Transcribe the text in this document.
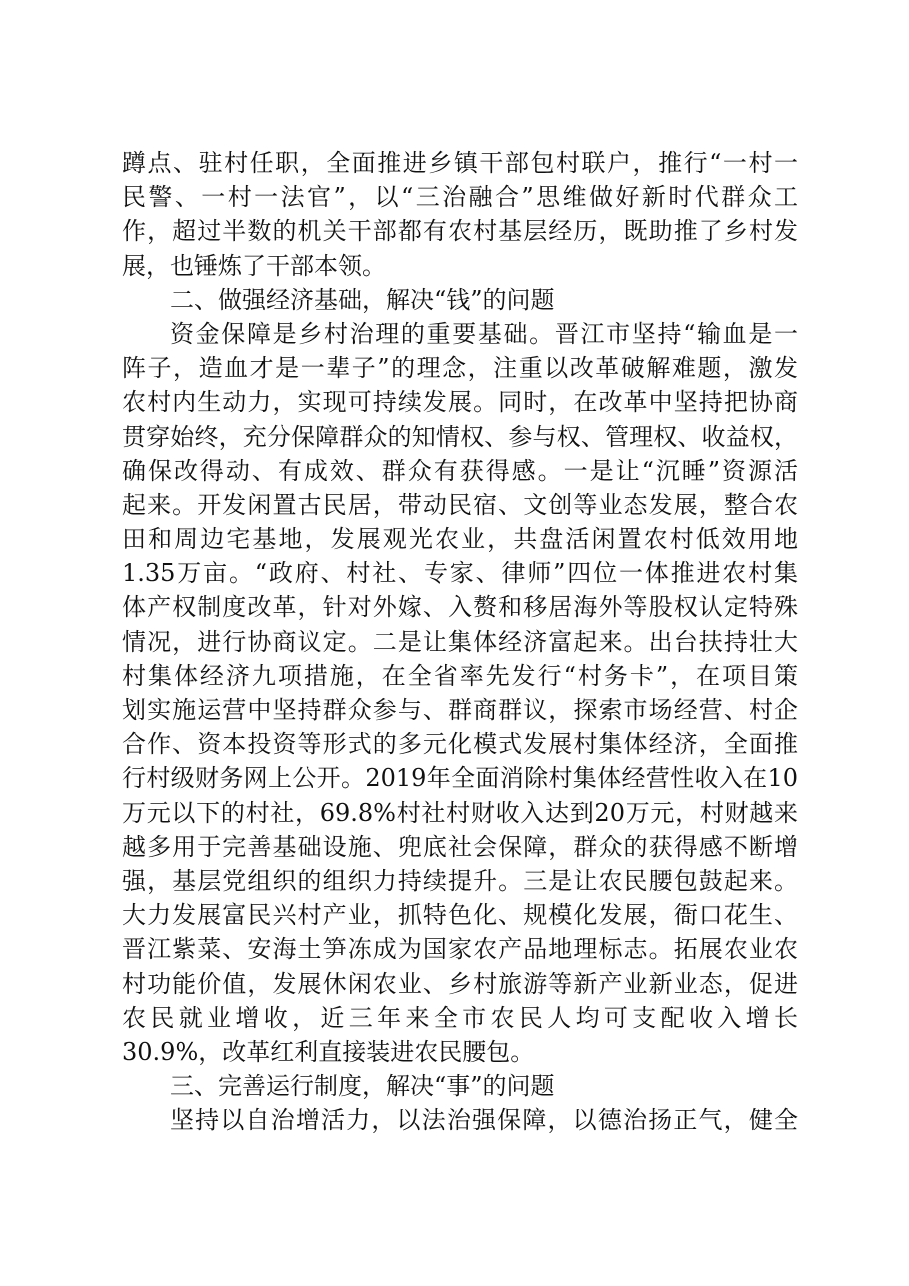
蹲点、驻村任职，全面推进乡镇干部包村联户，推行“一村一
民警、一村一法官”，以“三治融合”思维做好新时代群众工
作，超过半数的机关干部都有农村基层经历，既助推了乡村发
展，也锤炼了干部本领。
二、做强经济基础，解决“钱”的问题
资金保障是乡村治理的重要基础。晋江市坚持“输血是一
阵子，造血才是一辈子”的理念，注重以改革破解难题，激发
农村内生动力，实现可持续发展。同时，在改革中坚持把协商
贯穿始终，充分保障群众的知情权、参与权、管理权、收益权，
确保改得动、有成效、群众有获得感。一是让“沉睡”资源活
起来。开发闲置古民居，带动民宿、文创等业态发展，整合农
田和周边宅基地，发展观光农业，共盘活闲置农村低效用地
1.35万亩。“政府、村社、专家、律师”四位一体推进农村集
体产权制度改革，针对外嫁、入赘和移居海外等股权认定特殊
情况，进行协商议定。二是让集体经济富起来。出台扶持壮大
村集体经济九项措施，在全省率先发行“村务卡”，在项目策
划实施运营中坚持群众参与、群商群议，探索市场经营、村企
合作、资本投资等形式的多元化模式发展村集体经济，全面推
行村级财务网上公开。2019年全面消除村集体经营性收入在10
万元以下的村社，69.8%村社村财收入达到20万元，村财越来
越多用于完善基础设施、兜底社会保障，群众的获得感不断增
强，基层党组织的组织力持续提升。三是让农民腰包鼓起来。
大力发展富民兴村产业，抓特色化、规模化发展，衙口花生、
晋江紫菜、安海土笋冻成为国家农产品地理标志。拓展农业农
村功能价值，发展休闲农业、乡村旅游等新产业新业态，促进
农民就业增收，近三年来全市农民人均可支配收入增长
30.9%，改革红利直接装进农民腰包。
三、完善运行制度，解决“事”的问题
坚持以自治增活力，以法治强保障，以德治扬正气，健全
